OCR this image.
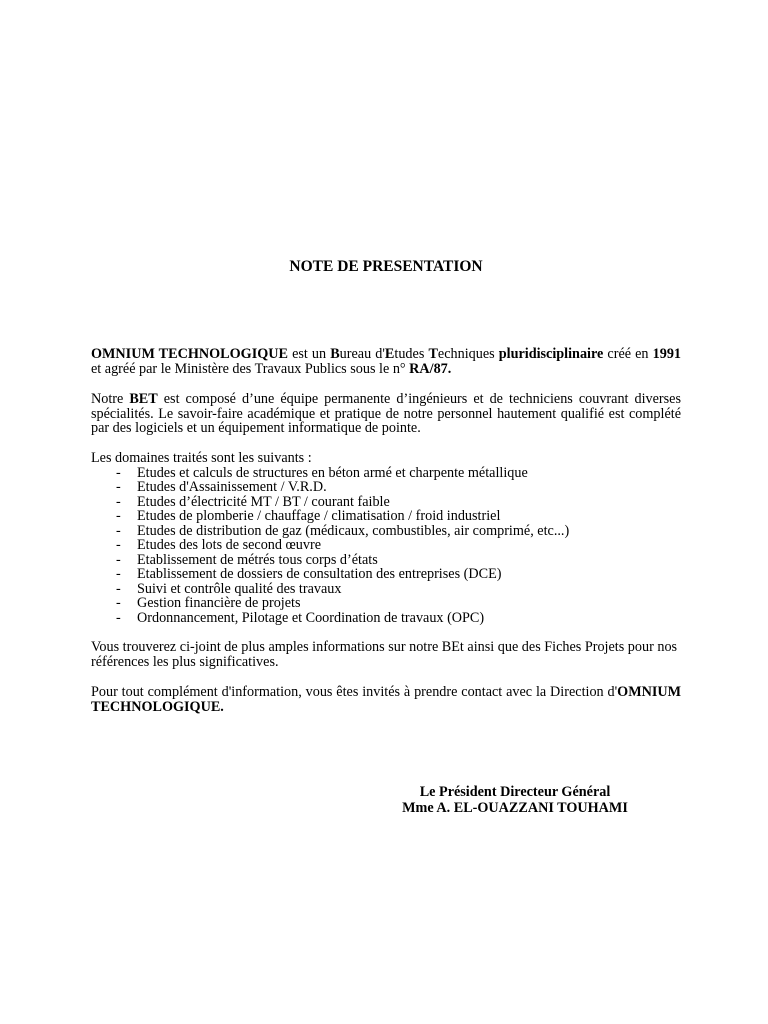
NOTE DE PRESENTATION
OMNIUM TECHNOLOGIQUE est un Bureau d'Etudes Techniques pluridisciplinaire créé en 1991 et agréé par le Ministère des Travaux Publics sous le n° RA/87.
Notre BET est composé d’une équipe permanente d’ingénieurs et de techniciens couvrant diverses spécialités. Le savoir-faire académique et pratique de notre personnel hautement qualifié est complété par des logiciels et un équipement informatique de pointe.
Les domaines traités sont les suivants :
- Etudes et calculs de structures en béton armé et charpente métallique
- Etudes d'Assainissement / V.R.D.
- Etudes d’électricité MT / BT / courant faible
- Etudes de plomberie / chauffage / climatisation / froid industriel
- Etudes de distribution de gaz (médicaux, combustibles, air comprimé, etc...)
- Etudes des lots de second œuvre
- Etablissement de métrés tous corps d’états
- Etablissement de dossiers de consultation des entreprises (DCE)
- Suivi et contrôle qualité des travaux
- Gestion financière de projets
- Ordonnancement, Pilotage et Coordination de travaux (OPC)
Vous trouverez ci-joint de plus amples informations sur notre BEt ainsi que des Fiches Projets pour nos références les plus significatives.
Pour tout complément d'information, vous êtes invités à prendre contact avec la Direction d'OMNIUM TECHNOLOGIQUE.
Le Président Directeur Général
Mme A. EL-OUAZZANI TOUHAMI
